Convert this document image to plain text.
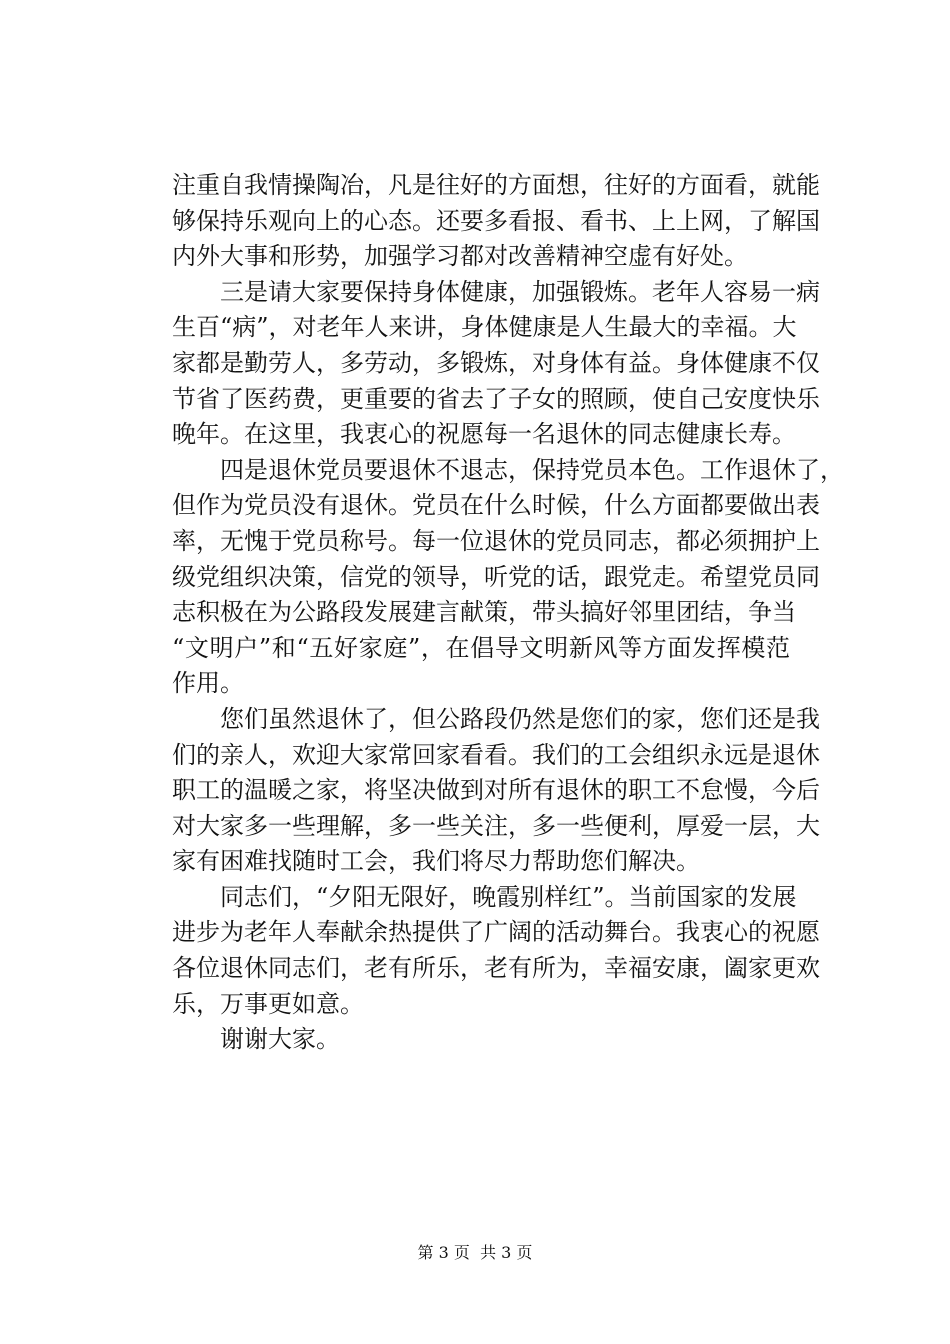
注重自我情操陶冶，凡是往好的方面想，往好的方面看，就能
够保持乐观向上的心态。还要多看报、看书、上上网，了解国
内外大事和形势，加强学习都对改善精神空虚有好处。
　　三是请大家要保持身体健康，加强锻炼。老年人容易一病
生百“病”，对老年人来讲，身体健康是人生最大的幸福。大
家都是勤劳人，多劳动，多锻炼，对身体有益。身体健康不仅
节省了医药费，更重要的省去了子女的照顾，使自己安度快乐
晚年。在这里，我衷心的祝愿每一名退休的同志健康长寿。
　　四是退休党员要退休不退志，保持党员本色。工作退休了，
但作为党员没有退休。党员在什么时候，什么方面都要做出表
率，无愧于党员称号。每一位退休的党员同志，都必须拥护上
级党组织决策，信党的领导，听党的话，跟党走。希望党员同
志积极在为公路段发展建言献策，带头搞好邻里团结，争当
“文明户”和“五好家庭”，在倡导文明新风等方面发挥模范
作用。
　　您们虽然退休了，但公路段仍然是您们的家，您们还是我
们的亲人，欢迎大家常回家看看。我们的工会组织永远是退休
职工的温暖之家，将坚决做到对所有退休的职工不怠慢，今后
对大家多一些理解，多一些关注，多一些便利，厚爱一层，大
家有困难找随时工会，我们将尽力帮助您们解决。
　　同志们，“夕阳无限好，晚霞别样红”。当前国家的发展
进步为老年人奉献余热提供了广阔的活动舞台。我衷心的祝愿
各位退休同志们，老有所乐，老有所为，幸福安康，阖家更欢
乐，万事更如意。
　　谢谢大家。
第 3 页  共 3 页
